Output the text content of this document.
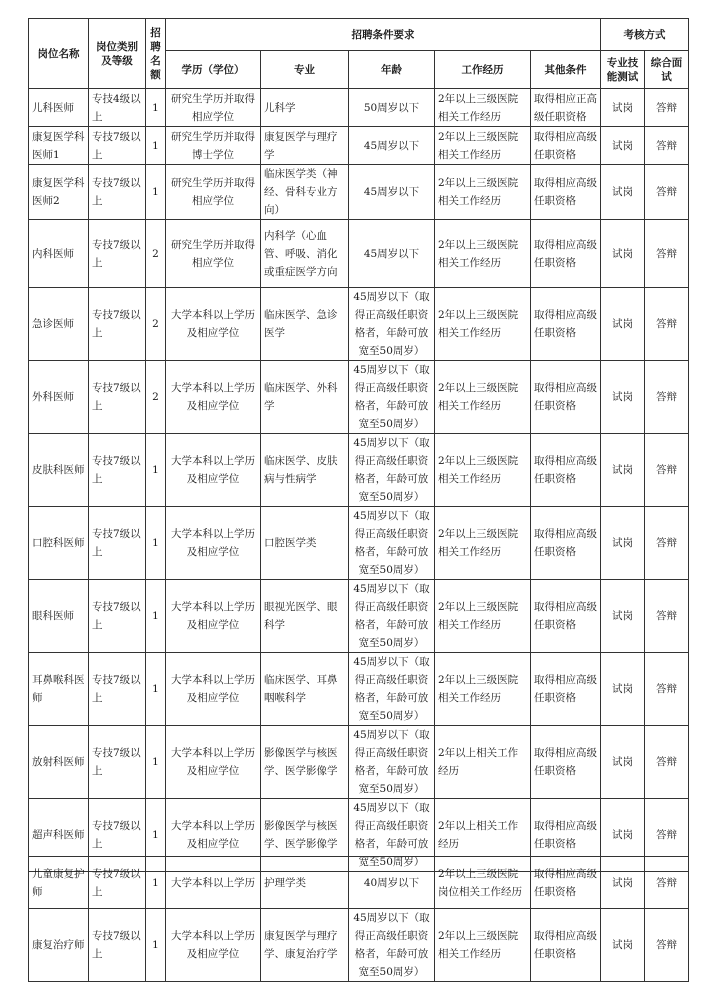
岗位名称	岗位类别及等级	招聘名额	招聘条件要求					考核方式	
			学历（学位）	专业	年龄	工作经历	其他条件	专业技能测试	综合面试
儿科医师	专技4级以上	1	研究生学历并取得相应学位	儿科学	50周岁以下	2年以上三级医院相关工作经历	取得相应正高级任职资格	试岗	答辩
康复医学科医师1	专技7级以上	1	研究生学历并取得博士学位	康复医学与理疗学	45周岁以下	2年以上三级医院相关工作经历	取得相应高级任职资格	试岗	答辩
康复医学科医师2	专技7级以上	1	研究生学历并取得相应学位	临床医学类（神经、骨科专业方向）	45周岁以下	2年以上三级医院相关工作经历	取得相应高级任职资格	试岗	答辩
内科医师	专技7级以上	2	研究生学历并取得相应学位	内科学（心血管、呼吸、消化或重症医学方向	45周岁以下	2年以上三级医院相关工作经历	取得相应高级任职资格	试岗	答辩
急诊医师	专技7级以上	2	大学本科以上学历及相应学位	临床医学、急诊医学	45周岁以下（取得正高级任职资格者，年龄可放宽至50周岁）	2年以上三级医院相关工作经历	取得相应高级任职资格	试岗	答辩
外科医师	专技7级以上	2	大学本科以上学历及相应学位	临床医学、外科学	45周岁以下（取得正高级任职资格者，年龄可放宽至50周岁）	2年以上三级医院相关工作经历	取得相应高级任职资格	试岗	答辩
皮肤科医师	专技7级以上	1	大学本科以上学历及相应学位	临床医学、皮肤病与性病学	45周岁以下（取得正高级任职资格者，年龄可放宽至50周岁）	2年以上三级医院相关工作经历	取得相应高级任职资格	试岗	答辩
口腔科医师	专技7级以上	1	大学本科以上学历及相应学位	口腔医学类	45周岁以下（取得正高级任职资格者，年龄可放宽至50周岁）	2年以上三级医院相关工作经历	取得相应高级任职资格	试岗	答辩
眼科医师	专技7级以上	1	大学本科以上学历及相应学位	眼视光医学、眼科学	45周岁以下（取得正高级任职资格者，年龄可放宽至50周岁）	2年以上三级医院相关工作经历	取得相应高级任职资格	试岗	答辩
耳鼻喉科医师	专技7级以上	1	大学本科以上学历及相应学位	临床医学、耳鼻咽喉科学	45周岁以下（取得正高级任职资格者，年龄可放宽至50周岁）	2年以上三级医院相关工作经历	取得相应高级任职资格	试岗	答辩
放射科医师	专技7级以上	1	大学本科以上学历及相应学位	影像医学与核医学、医学影像学	45周岁以下（取得正高级任职资格者，年龄可放宽至50周岁）	2年以上相关工作经历	取得相应高级任职资格	试岗	答辩
超声科医师	专技7级以上	1	大学本科以上学历及相应学位	影像医学与核医学、医学影像学	45周岁以下（取得正高级任职资格者，年龄可放宽至50周岁）	2年以上相关工作经历	取得相应高级任职资格	试岗	答辩
儿童康复护师	专技7级以上	1	大学本科以上学历	护理学类	40周岁以下	2年以上三级医院岗位相关工作经历	取得相应高级任职资格	试岗	答辩
康复治疗师	专技7级以上	1	大学本科以上学历及相应学位	康复医学与理疗学、康复治疗学	45周岁以下（取得正高级任职资格者，年龄可放宽至50周岁）	2年以上三级医院相关工作经历	取得相应高级任职资格	试岗	答辩
